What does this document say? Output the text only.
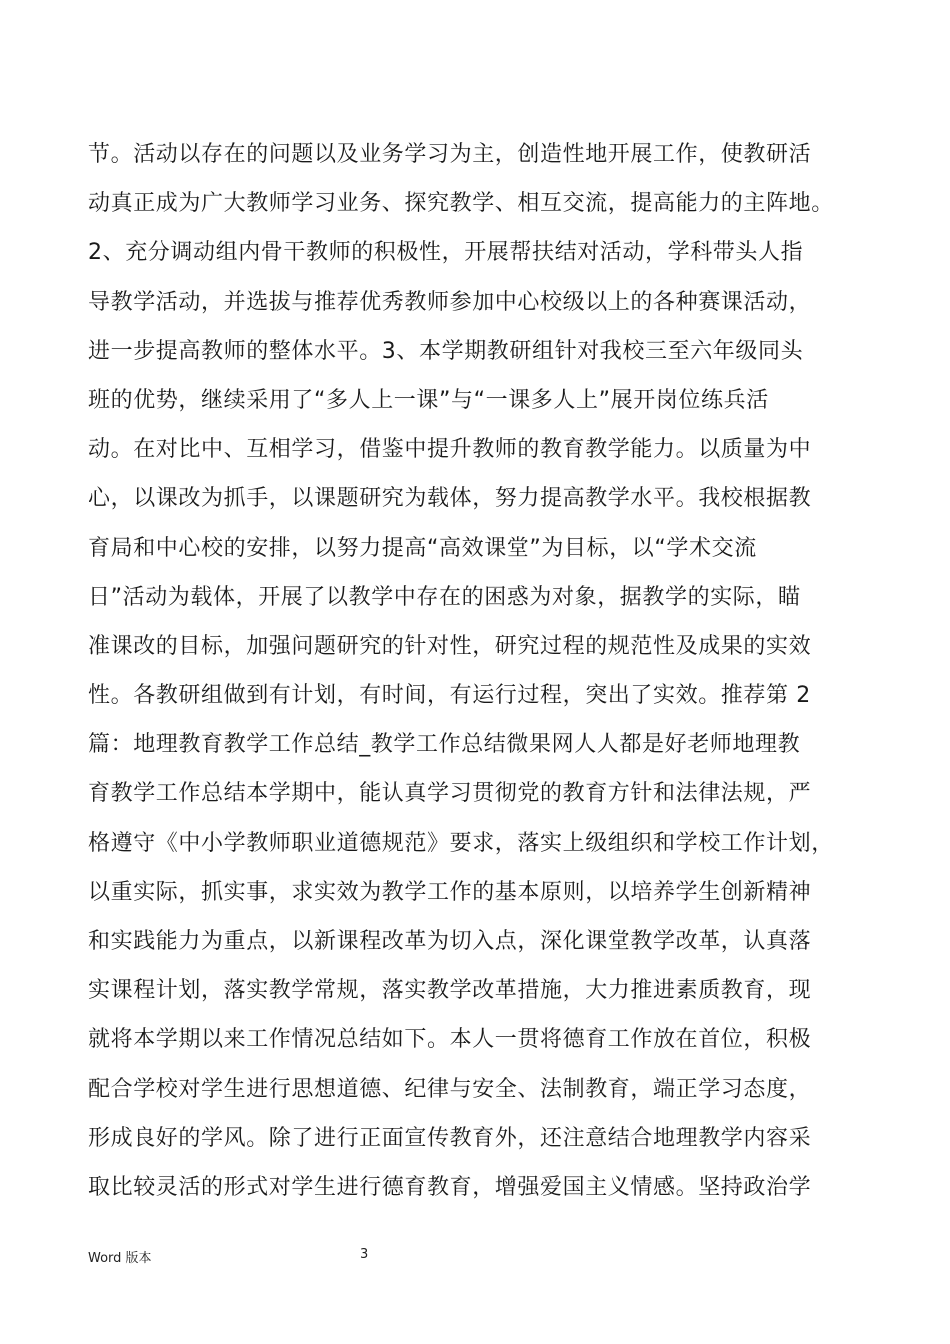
节。活动以存在的问题以及业务学习为主，创造性地开展工作，使教研活
动真正成为广大教师学习业务、探究教学、相互交流，提高能力的主阵地。
2、充分调动组内骨干教师的积极性，开展帮扶结对活动，学科带头人指
导教学活动，并选拔与推荐优秀教师参加中心校级以上的各种赛课活动，
进一步提高教师的整体水平。3、本学期教研组针对我校三至六年级同头
班的优势，继续采用了“多人上一课”与“一课多人上”展开岗位练兵活
动。在对比中、互相学习，借鉴中提升教师的教育教学能力。以质量为中
心，以课改为抓手，以课题研究为载体，努力提高教学水平。我校根据教
育局和中心校的安排，以努力提高“高效课堂”为目标，以“学术交流
日”活动为载体，开展了以教学中存在的困惑为对象，据教学的实际，瞄
准课改的目标，加强问题研究的针对性，研究过程的规范性及成果的实效
性。各教研组做到有计划，有时间，有运行过程，突出了实效。推荐第 2
篇：地理教育教学工作总结_教学工作总结微果网人人都是好老师地理教
育教学工作总结本学期中，能认真学习贯彻党的教育方针和法律法规，严
格遵守《中小学教师职业道德规范》要求，落实上级组织和学校工作计划，
以重实际，抓实事，求实效为教学工作的基本原则，以培养学生创新精神
和实践能力为重点，以新课程改革为切入点，深化课堂教学改革，认真落
实课程计划，落实教学常规，落实教学改革措施，大力推进素质教育，现
就将本学期以来工作情况总结如下。本人一贯将德育工作放在首位，积极
配合学校对学生进行思想道德、纪律与安全、法制教育，端正学习态度，
形成良好的学风。除了进行正面宣传教育外，还注意结合地理教学内容采
取比较灵活的形式对学生进行德育教育，增强爱国主义情感。坚持政治学
Word 版本	3
